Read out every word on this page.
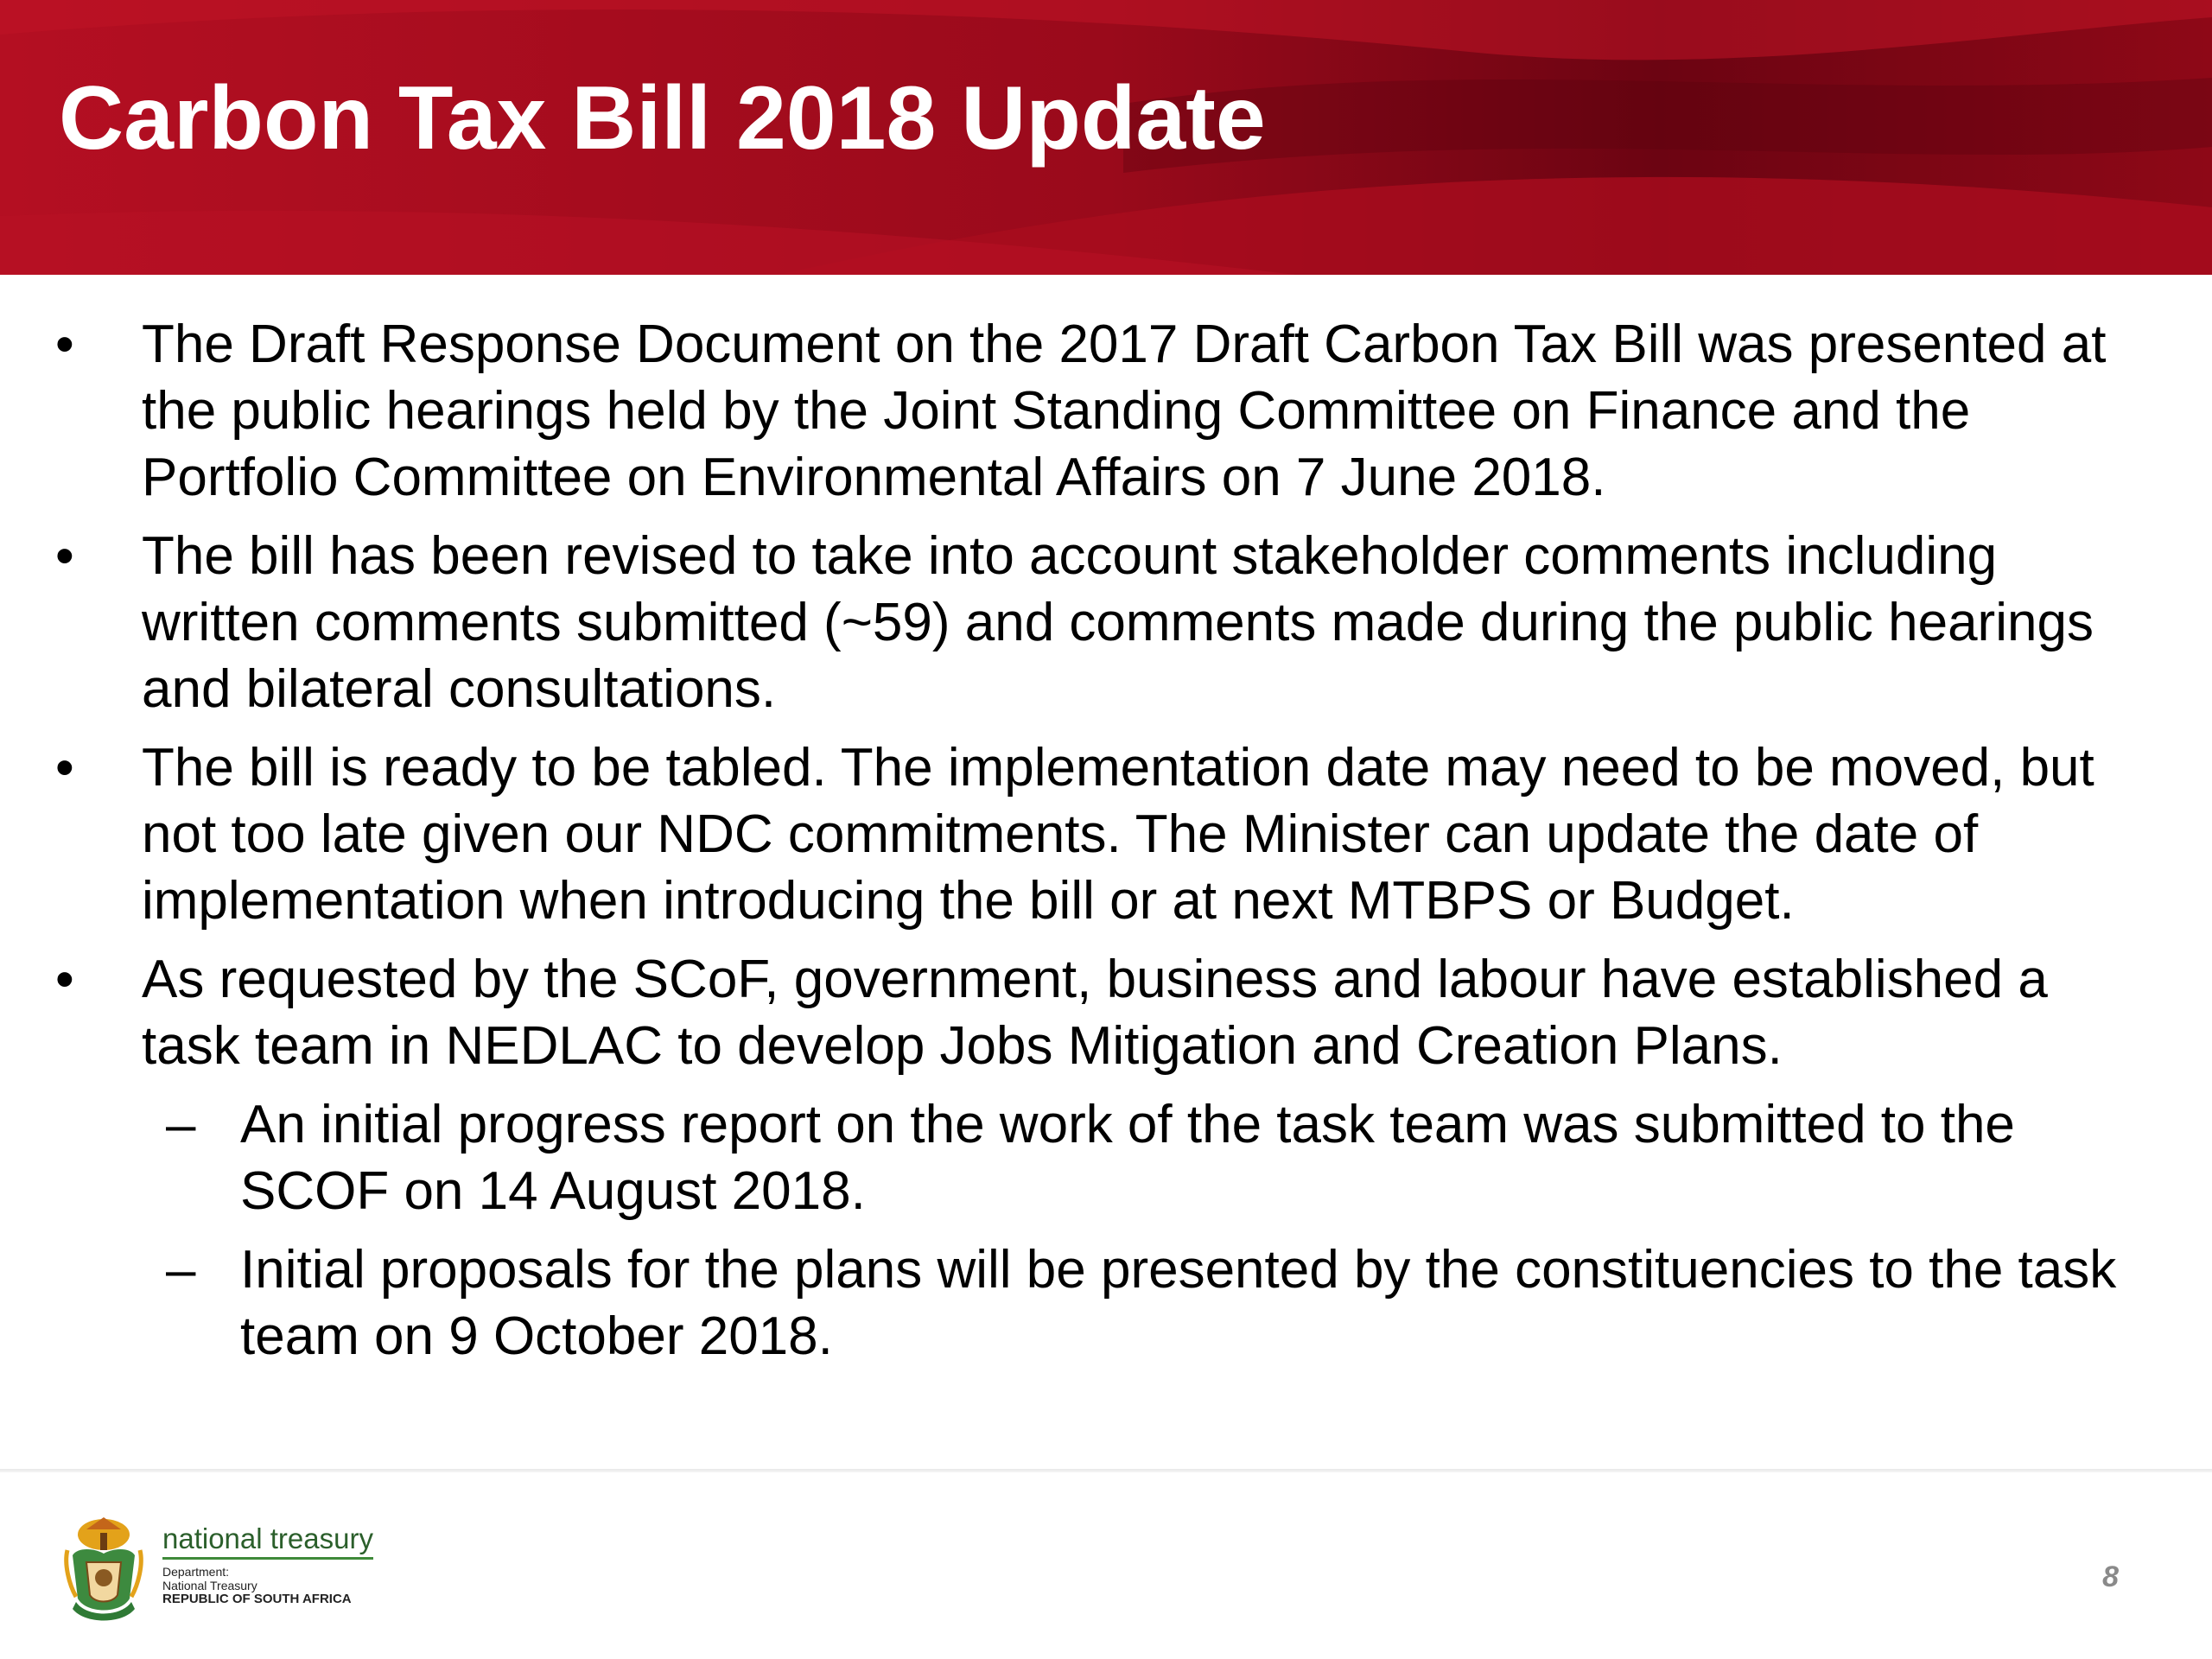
Carbon Tax Bill 2018 Update
• The Draft Response Document on the 2017 Draft Carbon Tax Bill was presented at the public hearings held by the Joint Standing Committee on Finance and the Portfolio Committee on Environmental Affairs on 7 June 2018.
• The bill has been revised to take into account stakeholder comments including written comments submitted (~59) and comments made during the public hearings and bilateral consultations.
• The bill is ready to be tabled. The implementation date may need to be moved, but not too late given our NDC commitments. The Minister can update the date of implementation when introducing the bill or at next MTBPS or Budget.
• As requested by the SCoF, government, business and labour have established a task team in NEDLAC to develop Jobs Mitigation and Creation Plans.
– An initial progress report on the work of the task team was submitted to the SCOF on 14 August 2018.
– Initial proposals for the plans will be presented by the constituencies to the task team on 9 October 2018.
national treasury
Department:
National Treasury
REPUBLIC OF SOUTH AFRICA
8
